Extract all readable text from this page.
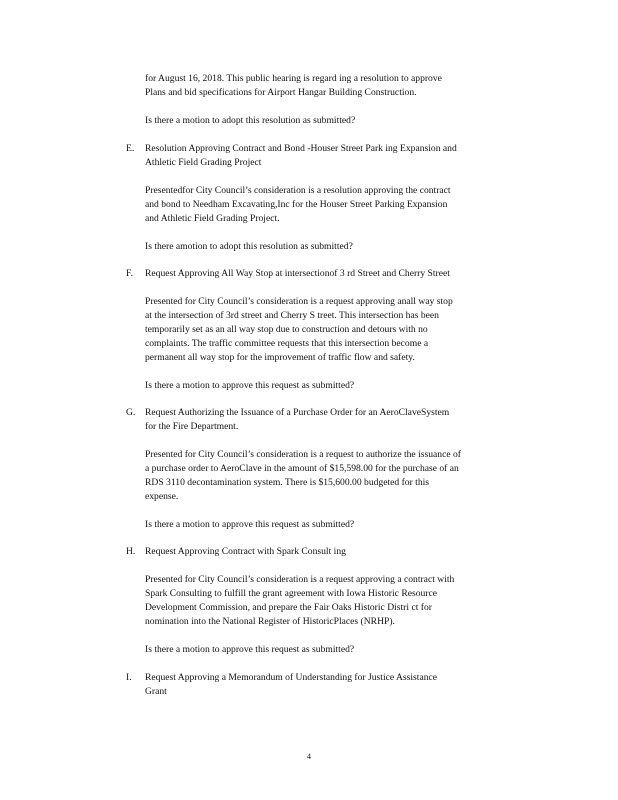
for August 16, 2018. This public hearing is regard ing a resolution to approve
Plans and bid specifications for Airport Hangar Building Construction.

Is there a motion to adopt this resolution as submitted?

E. Resolution Approving Contract and Bond -Houser Street Park ing Expansion and
Athletic Field Grading Project

Presentedfor City Council’s consideration is a resolution approving the contract
and bond to Needham Excavating,Inc for the Houser Street Parking Expansion
and Athletic Field Grading Project.

Is there amotion to adopt this resolution as submitted?

F. Request Approving All Way Stop at intersectionof 3 rd Street and Cherry Street

Presented for City Council’s consideration is a request approving anall way stop
at the intersection of 3rd street and Cherry S treet. This intersection has been
temporarily set as an all way stop due to construction and detours with no
complaints. The traffic committee requests that this intersection become a
permanent all way stop for the improvement of traffic flow and safety.

Is there a motion to approve this request as submitted?

G. Request Authorizing the Issuance of a Purchase Order for an AeroClaveSystem
for the Fire Department.

Presented for City Council’s consideration is a request to authorize the issuance of
a purchase order to AeroClave in the amount of $15,598.00 for the purchase of an
RDS 3110 decontamination system. There is $15,600.00 budgeted for this
expense.

Is there a motion to approve this request as submitted?

H. Request Approving Contract with Spark Consult ing

Presented for City Council’s consideration is a request approving a contract with
Spark Consulting to fulfill the grant agreement with Iowa Historic Resource
Development Commission, and prepare the Fair Oaks Historic Distri ct for
nomination into the National Register of HistoricPlaces (NRHP).

Is there a motion to approve this request as submitted?

I. Request Approving a Memorandum of Understanding for Justice Assistance
Grant

4
